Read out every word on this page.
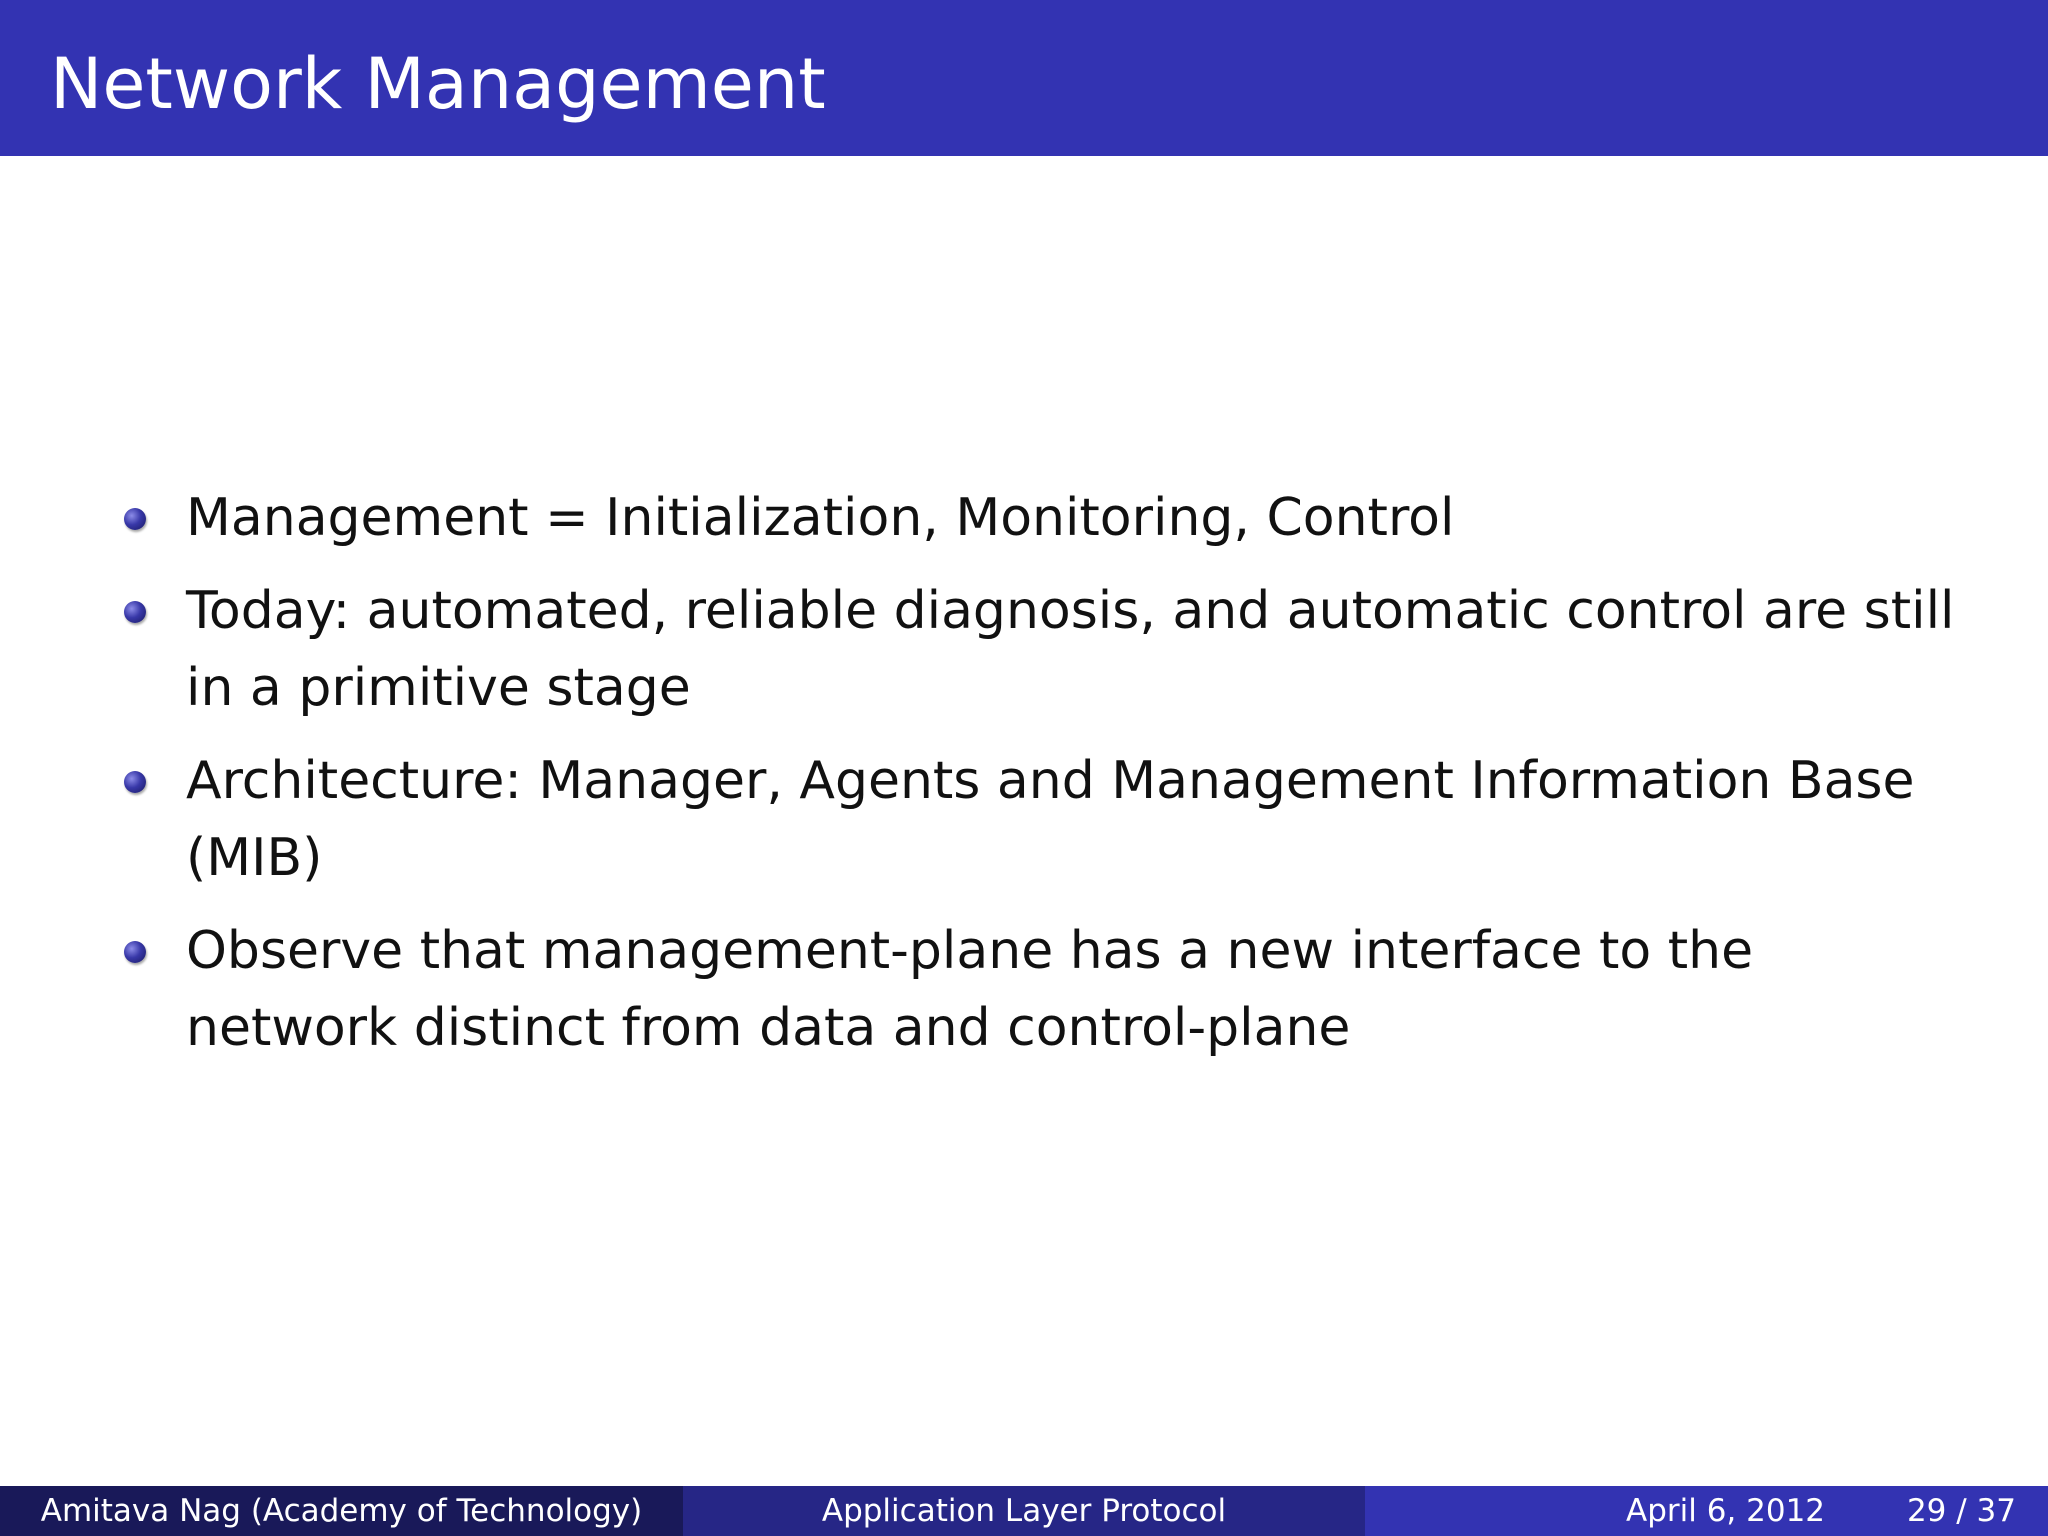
Network Management
Management = Initialization, Monitoring, Control
Today: automated, reliable diagnosis, and automatic control are still in a primitive stage
Architecture: Manager, Agents and Management Information Base (MIB)
Observe that management-plane has a new interface to the network distinct from data and control-plane
Amitava Nag (Academy of Technology)	Application Layer Protocol	April 6, 2012	29 / 37
